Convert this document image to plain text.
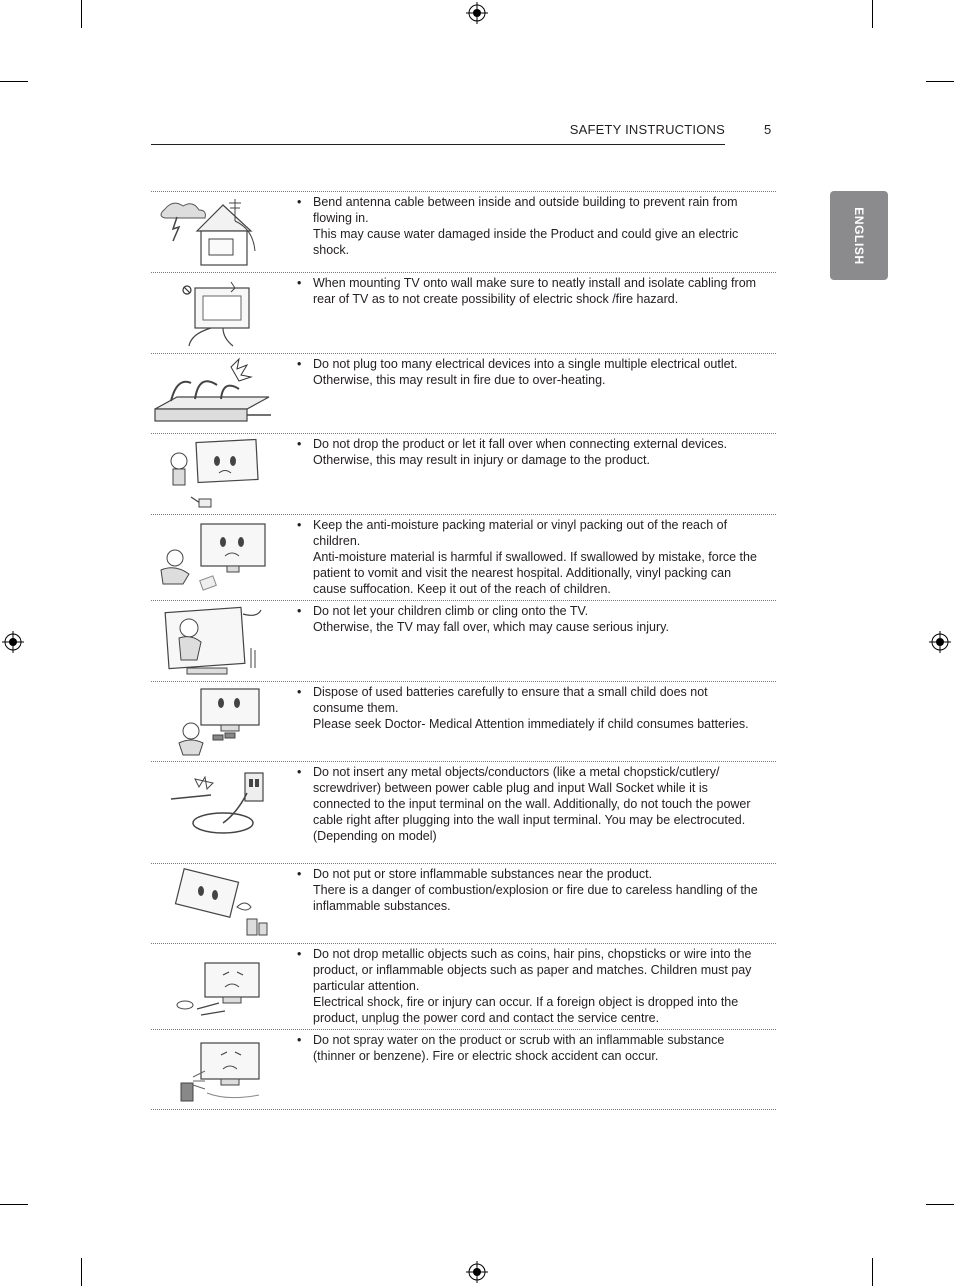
SAFETY INSTRUCTIONS	5
ENGLISH
• Bend antenna cable between inside and outside building to prevent rain from flowing in.

This may cause water damaged inside the Product and could give an electric shock.

• When mounting TV onto wall make sure to neatly install and isolate cabling from rear of TV as to not create possibility of electric shock /fire hazard.

• Do not plug too many electrical devices into a single multiple electrical outlet.

Otherwise, this may result in fire due to over-heating.

• Do not drop the product or let it fall over when connecting external devices.

Otherwise, this may result in injury or damage to the product.

• Keep the anti-moisture packing material or vinyl packing out of the reach of children.

Anti-moisture material is harmful if swallowed. If swallowed by mistake, force the patient to vomit and visit the nearest hospital. Additionally, vinyl packing can cause suffocation. Keep it out of the reach of children.

• Do not let your children climb or cling onto the TV.

Otherwise, the TV may fall over, which may cause serious injury.

• Dispose of used batteries carefully to ensure that a small child does not consume them.

Please seek Doctor- Medical Attention immediately if child consumes batteries.

• Do not insert any metal objects/conductors (like a metal chopstick/cutlery/ screwdriver) between power cable plug and input Wall Socket while it is connected to the input terminal on the wall. Additionally, do not touch the power cable right after plugging into the wall input terminal. You may be electrocuted.

(Depending on model)

• Do not put or store inflammable substances near the product.

There is a danger of combustion/explosion or fire due to careless handling of the inflammable substances.

• Do not drop metallic objects such as coins, hair pins, chopsticks or wire into the product, or inflammable objects such as paper and matches. Children must pay particular attention.

Electrical shock, fire or injury can occur. If a foreign object is dropped into the product, unplug the power cord and contact the service centre.

• Do not spray water on the product or scrub with an inflammable substance (thinner or benzene). Fire or electric shock accident can occur.
